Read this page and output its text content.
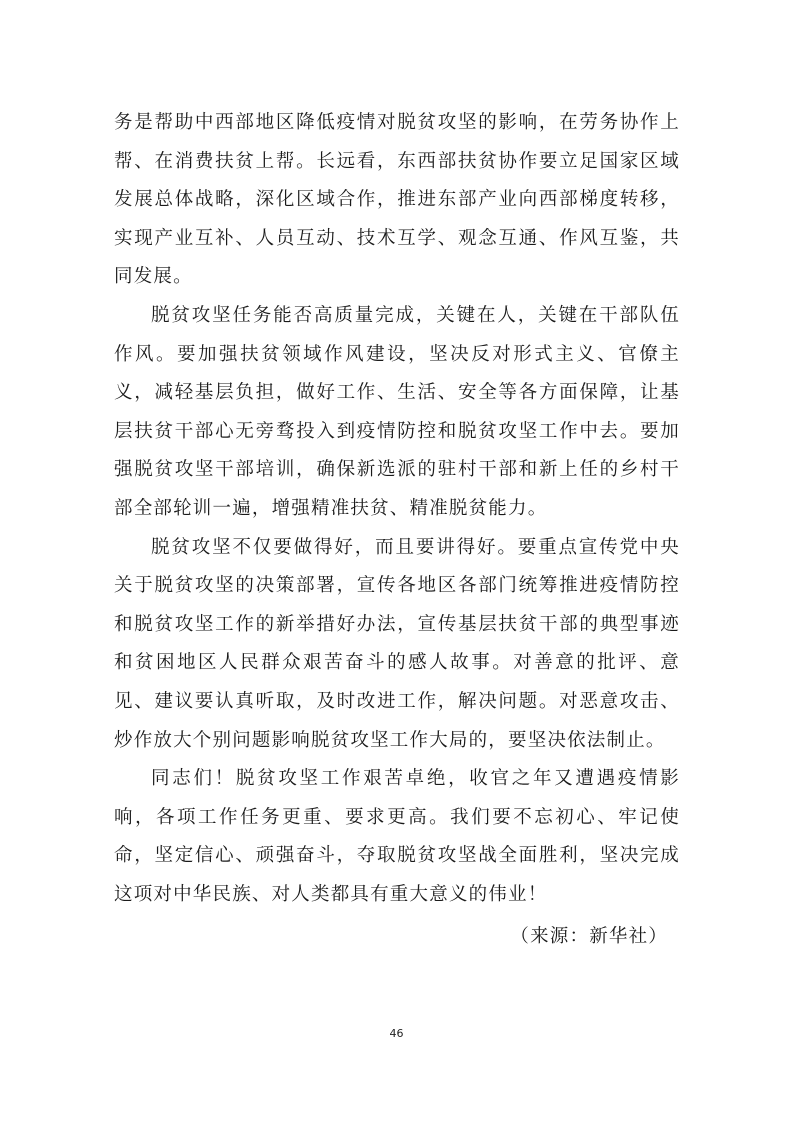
务是帮助中西部地区降低疫情对脱贫攻坚的影响，在劳务协作上帮、在消费扶贫上帮。长远看，东西部扶贫协作要立足国家区域发展总体战略，深化区域合作，推进东部产业向西部梯度转移，实现产业互补、人员互动、技术互学、观念互通、作风互鉴，共同发展。

脱贫攻坚任务能否高质量完成，关键在人，关键在干部队伍作风。要加强扶贫领域作风建设，坚决反对形式主义、官僚主义，减轻基层负担，做好工作、生活、安全等各方面保障，让基层扶贫干部心无旁骛投入到疫情防控和脱贫攻坚工作中去。要加强脱贫攻坚干部培训，确保新选派的驻村干部和新上任的乡村干部全部轮训一遍，增强精准扶贫、精准脱贫能力。

脱贫攻坚不仅要做得好，而且要讲得好。要重点宣传党中央关于脱贫攻坚的决策部署，宣传各地区各部门统筹推进疫情防控和脱贫攻坚工作的新举措好办法，宣传基层扶贫干部的典型事迹和贫困地区人民群众艰苦奋斗的感人故事。对善意的批评、意见、建议要认真听取，及时改进工作，解决问题。对恶意攻击、炒作放大个别问题影响脱贫攻坚工作大局的，要坚决依法制止。

同志们！脱贫攻坚工作艰苦卓绝，收官之年又遭遇疫情影响，各项工作任务更重、要求更高。我们要不忘初心、牢记使命，坚定信心、顽强奋斗，夺取脱贫攻坚战全面胜利，坚决完成这项对中华民族、对人类都具有重大意义的伟业！

（来源：新华社）

46
